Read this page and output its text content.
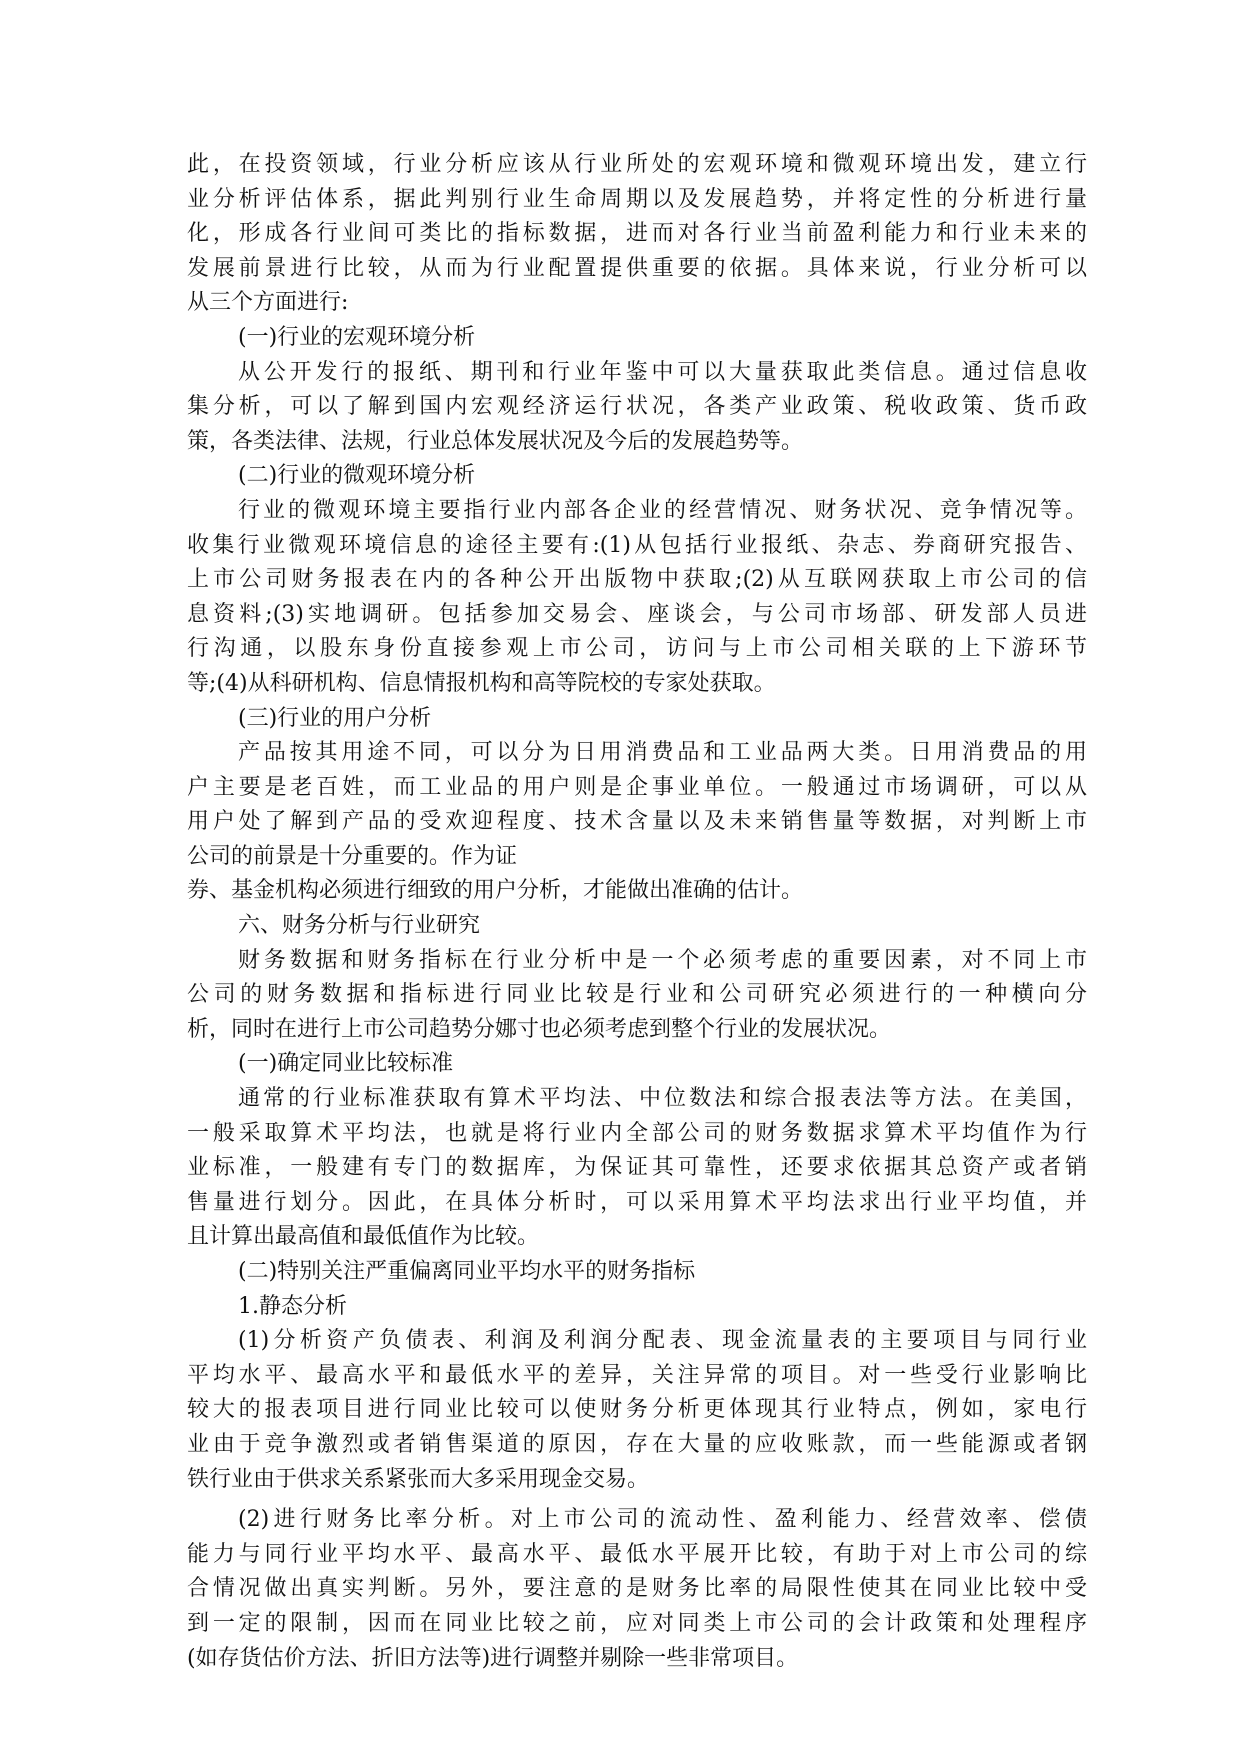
此，在投资领域，行业分析应该从行业所处的宏观环境和微观环境出发，建立行
业分析评估体系，据此判别行业生命周期以及发展趋势，并将定性的分析进行量
化，形成各行业间可类比的指标数据，进而对各行业当前盈利能力和行业未来的
发展前景进行比较，从而为行业配置提供重要的依据。具体来说，行业分析可以
从三个方面进行:
(一)行业的宏观环境分析
从公开发行的报纸、期刊和行业年鉴中可以大量获取此类信息。通过信息收
集分析，可以了解到国内宏观经济运行状况，各类产业政策、税收政策、货币政
策，各类法律、法规，行业总体发展状况及今后的发展趋势等。
(二)行业的微观环境分析
行业的微观环境主要指行业内部各企业的经营情况、财务状况、竞争情况等。
收集行业微观环境信息的途径主要有:(1)从包括行业报纸、杂志、券商研究报告、
上市公司财务报表在内的各种公开出版物中获取;(2)从互联网获取上市公司的信
息资料;(3)实地调研。包括参加交易会、座谈会，与公司市场部、研发部人员进
行沟通，以股东身份直接参观上市公司，访问与上市公司相关联的上下游环节
等;(4)从科研机构、信息情报机构和高等院校的专家处获取。
(三)行业的用户分析
产品按其用途不同，可以分为日用消费品和工业品两大类。日用消费品的用
户主要是老百姓，而工业品的用户则是企事业单位。一般通过市场调研，可以从
用户处了解到产品的受欢迎程度、技术含量以及未来销售量等数据，对判断上市
公司的前景是十分重要的。作为证
券、基金机构必须进行细致的用户分析，才能做出准确的估计。
六、财务分析与行业研究
财务数据和财务指标在行业分析中是一个必须考虑的重要因素，对不同上市
公司的财务数据和指标进行同业比较是行业和公司研究必须进行的一种横向分
析，同时在进行上市公司趋势分娜寸也必须考虑到整个行业的发展状况。
(一)确定同业比较标准
通常的行业标准获取有算术平均法、中位数法和综合报表法等方法。在美国，
一般采取算术平均法，也就是将行业内全部公司的财务数据求算术平均值作为行
业标准，一般建有专门的数据库，为保证其可靠性，还要求依据其总资产或者销
售量进行划分。因此，在具体分析时，可以采用算术平均法求出行业平均值，并
且计算出最高值和最低值作为比较。
(二)特别关注严重偏离同业平均水平的财务指标
1.静态分析
(1)分析资产负债表、利润及利润分配表、现金流量表的主要项目与同行业
平均水平、最高水平和最低水平的差异，关注异常的项目。对一些受行业影响比
较大的报表项目进行同业比较可以使财务分析更体现其行业特点，例如，家电行
业由于竞争激烈或者销售渠道的原因，存在大量的应收账款，而一些能源或者钢
铁行业由于供求关系紧张而大多采用现金交易。
(2)进行财务比率分析。对上市公司的流动性、盈利能力、经营效率、偿债
能力与同行业平均水平、最高水平、最低水平展开比较，有助于对上市公司的综
合情况做出真实判断。另外，要注意的是财务比率的局限性使其在同业比较中受
到一定的限制，因而在同业比较之前，应对同类上市公司的会计政策和处理程序
(如存货估价方法、折旧方法等)进行调整并剔除一些非常项目。
